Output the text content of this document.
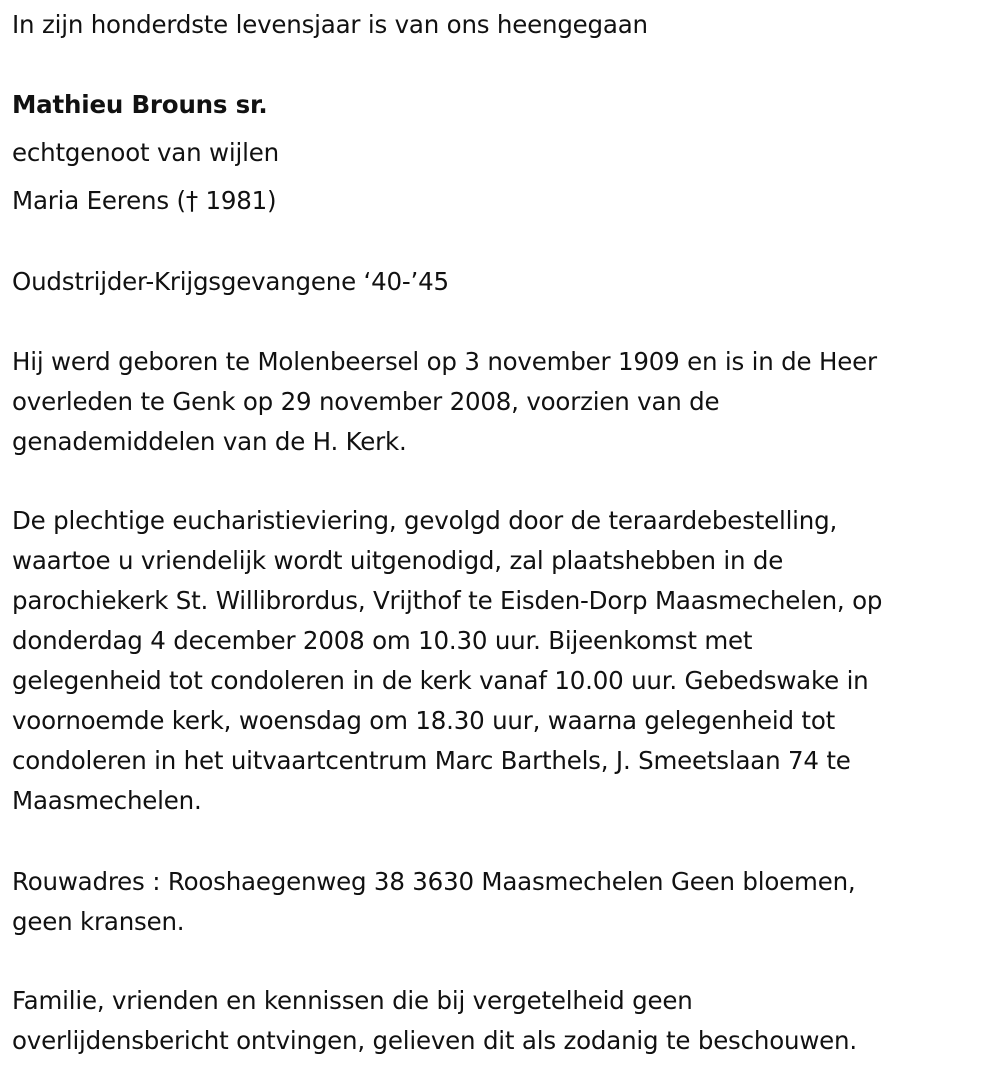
In zijn honderdste levensjaar is van ons heengegaan
Mathieu Brouns sr.
echtgenoot van wijlen
Maria Eerens († 1981)
Oudstrijder-Krijgsgevangene ‘40-’45
Hij werd geboren te Molenbeersel op 3 november 1909 en is in de Heer
overleden te Genk op 29 november 2008, voorzien van de
genademiddelen van de H. Kerk.
De plechtige eucharistieviering, gevolgd door de teraardebestelling,
waartoe u vriendelijk wordt uitgenodigd, zal plaatshebben in de
parochiekerk St. Willibrordus, Vrijthof te Eisden-Dorp Maasmechelen, op
donderdag 4 december 2008 om 10.30 uur. Bijeenkomst met
gelegenheid tot condoleren in de kerk vanaf 10.00 uur. Gebedswake in
voornoemde kerk, woensdag om 18.30 uur, waarna gelegenheid tot
condoleren in het uitvaartcentrum Marc Barthels, J. Smeetslaan 74 te
Maasmechelen.
Rouwadres : Rooshaegenweg 38 3630 Maasmechelen Geen bloemen,
geen kransen.
Familie, vrienden en kennissen die bij vergetelheid geen
overlijdensbericht ontvingen, gelieven dit als zodanig te beschouwen.
